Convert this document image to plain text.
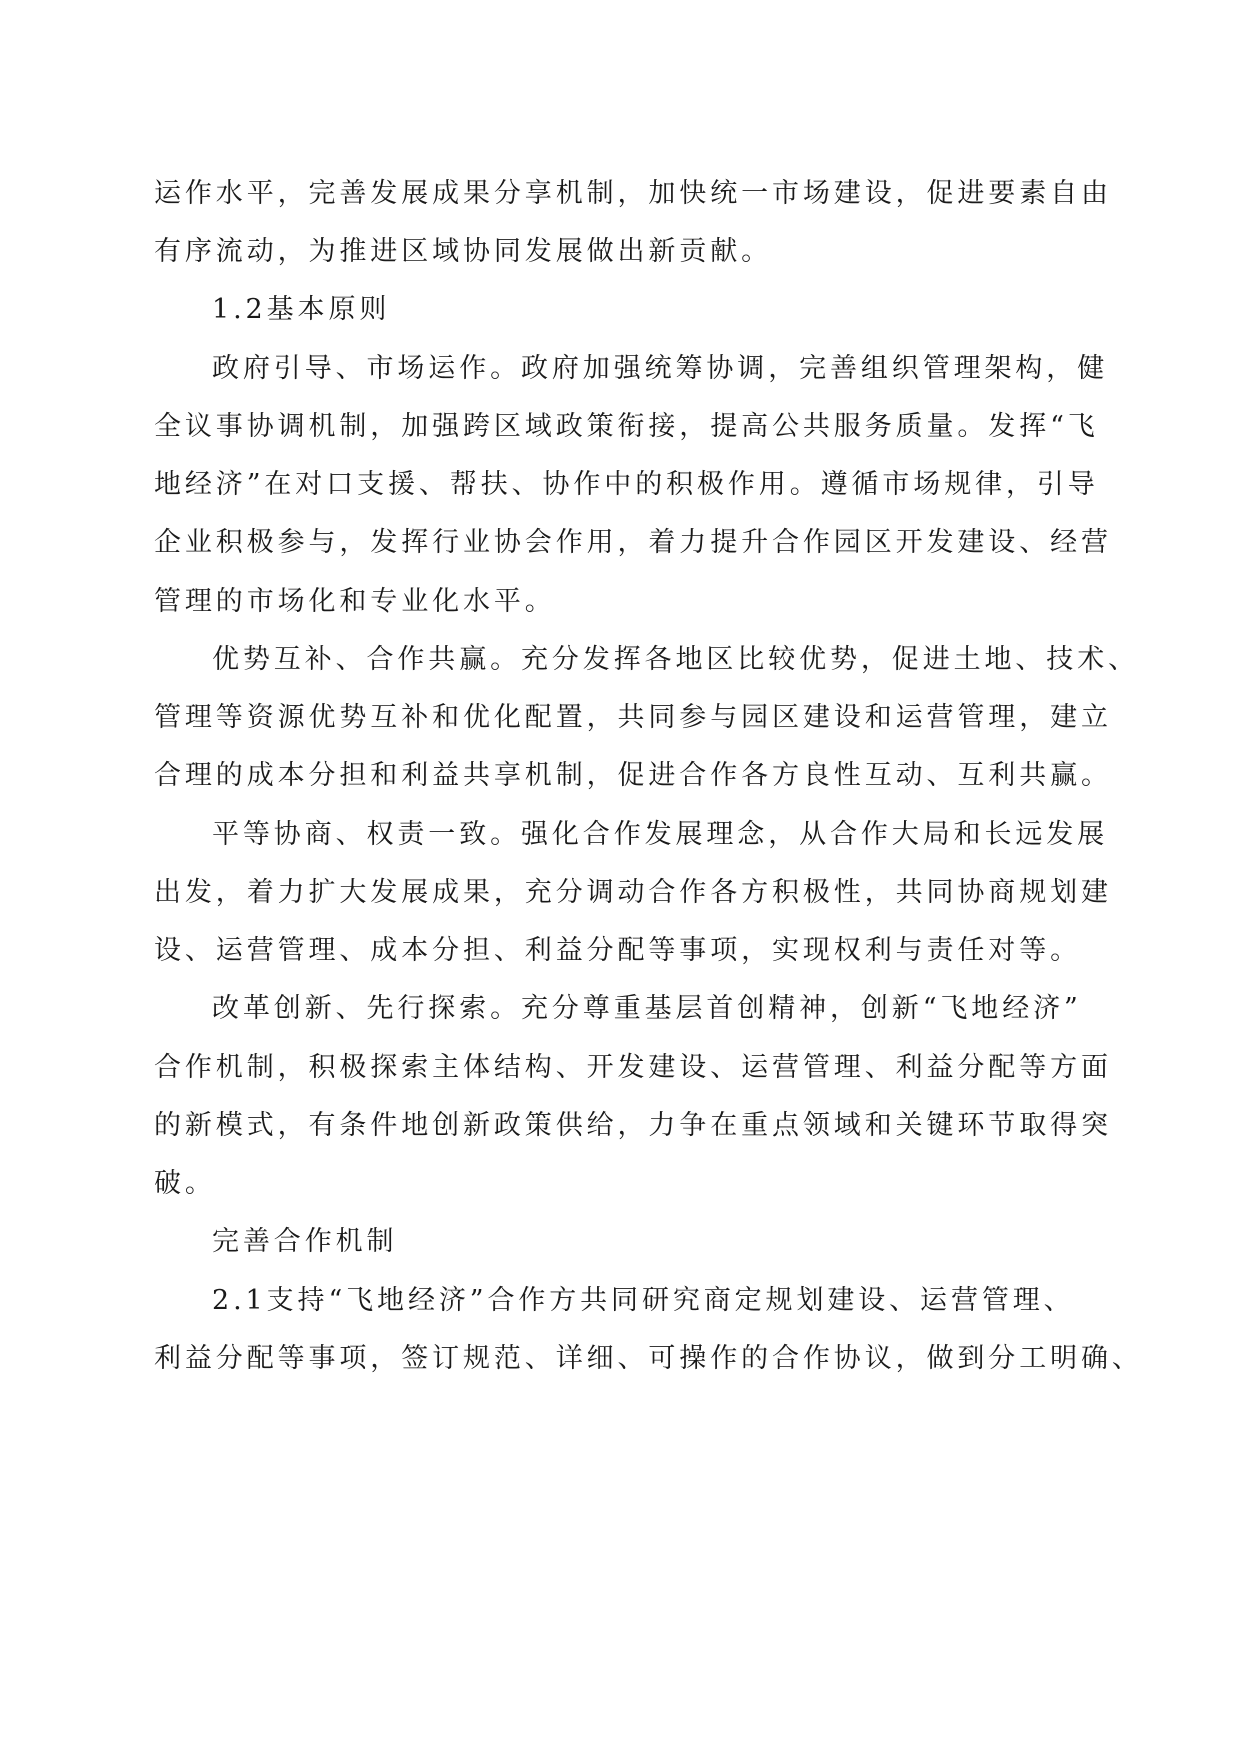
运作水平，完善发展成果分享机制，加快统一市场建设，促进要素自由

有序流动，为推进区域协同发展做出新贡献。

1.2基本原则

政府引导、市场运作。政府加强统筹协调，完善组织管理架构，健

全议事协调机制，加强跨区域政策衔接，提高公共服务质量。发挥“飞

地经济”在对口支援、帮扶、协作中的积极作用。遵循市场规律，引导

企业积极参与，发挥行业协会作用，着力提升合作园区开发建设、经营

管理的市场化和专业化水平。

优势互补、合作共赢。充分发挥各地区比较优势，促进土地、技术、

管理等资源优势互补和优化配置，共同参与园区建设和运营管理，建立

合理的成本分担和利益共享机制，促进合作各方良性互动、互利共赢。

平等协商、权责一致。强化合作发展理念，从合作大局和长远发展

出发，着力扩大发展成果，充分调动合作各方积极性，共同协商规划建

设、运营管理、成本分担、利益分配等事项，实现权利与责任对等。

改革创新、先行探索。充分尊重基层首创精神，创新“飞地经济”

合作机制，积极探索主体结构、开发建设、运营管理、利益分配等方面

的新模式，有条件地创新政策供给，力争在重点领域和关键环节取得突

破。

完善合作机制

2.1支持“飞地经济”合作方共同研究商定规划建设、运营管理、

利益分配等事项，签订规范、详细、可操作的合作协议，做到分工明确、
